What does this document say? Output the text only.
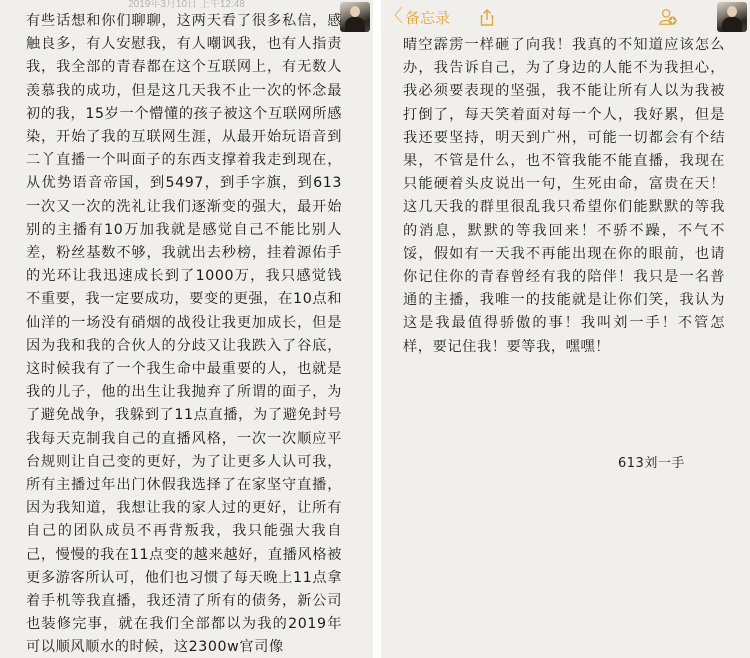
2019年3月10日 上午12:48
有些话想和你们聊聊，这两天看了很多私信，感触良多，有人安慰我，有人嘲讽我，也有人指责我，我全部的青春都在这个互联网上，有无数人羡慕我的成功，但是这几天我不止一次的怀念最初的我，15岁一个懵懂的孩子被这个互联网所感染，开始了我的互联网生涯，从最开始玩语音到二丫直播一个叫面子的东西支撑着我走到现在，从优势语音帝国，到5497，到手字旗，到613一次又一次的洗礼让我们逐渐变的强大，最开始别的主播有10万加我就是感觉自己不能比别人差，粉丝基数不够，我就出去秒榜，挂着源佑手的光环让我迅速成长到了1000万，我只感觉钱不重要，我一定要成功，要变的更强，在10点和仙洋的一场没有硝烟的战役让我更加成长，但是因为我和我的合伙人的分歧又让我跌入了谷底，这时候我有了一个我生命中最重要的人，也就是我的儿子，他的出生让我抛弃了所谓的面子，为了避免战争，我躲到了11点直播，为了避免封号我每天克制我自己的直播风格，一次一次顺应平台规则让自己变的更好，为了让更多人认可我，所有主播过年出门休假我选择了在家坚守直播，因为我知道，我想让我的家人过的更好，让所有自己的团队成员不再背叛我，我只能强大我自己，慢慢的我在11点变的越来越好，直播风格被更多游客所认可，他们也习惯了每天晚上11点拿着手机等我直播，我还清了所有的债务，新公司也装修完事，就在我们全部都以为我的2019年可以顺风顺水的时候，这2300w官司像
〈 备忘录
晴空霹雳一样砸了向我！我真的不知道应该怎么办，我告诉自己，为了身边的人能不为我担心，我必须要表现的坚强，我不能让所有人以为我被打倒了，每天笑着面对每一个人，我好累，但是我还要坚持，明天到广州，可能一切都会有个结果，不管是什么，也不管我能不能直播，我现在只能硬着头皮说出一句，生死由命，富贵在天！这几天我的群里很乱我只希望你们能默默的等我的消息，默默的等我回来！不骄不躁，不气不馁，假如有一天我不再能出现在你的眼前，也请你记住你的青春曾经有我的陪伴！我只是一名普通的主播，我唯一的技能就是让你们笑，我认为这是我最值得骄傲的事！我叫刘一手！不管怎样，要记住我！要等我，嘿嘿！
613刘一手
